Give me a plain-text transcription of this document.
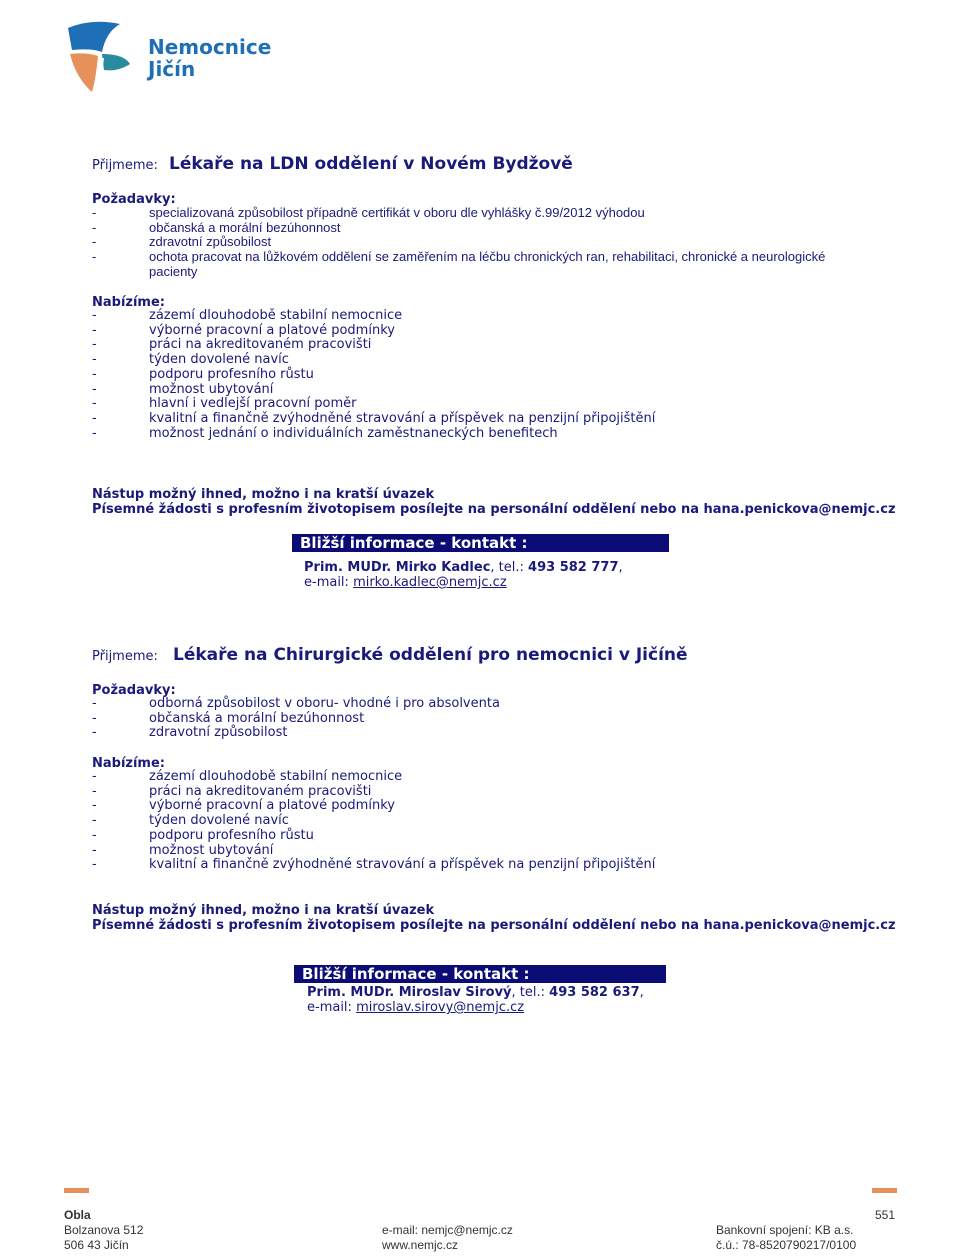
Nemocnice
Jičín
Přijmeme: Lékaře na LDN oddělení v Novém Bydžově
Požadavky:
-	specializovaná způsobilost případně certifikát v oboru dle vyhlášky č.99/2012 výhodou
-	občanská a morální bezúhonnost
-	zdravotní způsobilost
-	ochota pracovat na lůžkovém oddělení se zaměřením na léčbu chronických ran, rehabilitaci, chronické a neurologické
pacienty
Nabízíme:
-	zázemí dlouhodobě stabilní nemocnice
-	výborné pracovní a platové podmínky
-	práci na akreditovaném pracovišti
-	týden dovolené navíc
-	podporu profesního růstu
-	možnost ubytování
-	hlavní i vedlejší pracovní poměr
-	kvalitní a finančně zvýhodněné stravování a příspěvek na penzijní připojištění
-	možnost jednání o individuálních zaměstnaneckých benefitech
Nástup možný ihned, možno i na kratší úvazek
Písemné žádosti s profesním životopisem posílejte na personální oddělení nebo na hana.penickova@nemjc.cz
Bližší informace - kontakt :
Prim. MUDr. Mirko Kadlec, tel.: 493 582 777,
e-mail: mirko.kadlec@nemjc.cz
Přijmeme: Lékaře na Chirurgické oddělení pro nemocnici v Jičíně
Požadavky:
-	odborná způsobilost v oboru- vhodné i pro absolventa
-	občanská a morální bezúhonnost
-	zdravotní způsobilost
Nabízíme:
-	zázemí dlouhodobě stabilní nemocnice
-	práci na akreditovaném pracovišti
-	výborné pracovní a platové podmínky
-	týden dovolené navíc
-	podporu profesního růstu
-	možnost ubytování
-	kvalitní a finančně zvýhodněné stravování a příspěvek na penzijní připojištění
Nástup možný ihned, možno i na kratší úvazek
Písemné žádosti s profesním životopisem posílejte na personální oddělení nebo na hana.penickova@nemjc.cz
Bližší informace - kontakt :
Prim. MUDr. Miroslav Sirový, tel.: 493 582 637,
e-mail: miroslav.sirovy@nemjc.cz
Obla
Bolzanova 512
506 43 Jičín

e-mail: nemjc@nemjc.cz
www.nemjc.cz

Bankovní spojení: KB a.s.
č.ú.: 78-8520790217/0100
551
